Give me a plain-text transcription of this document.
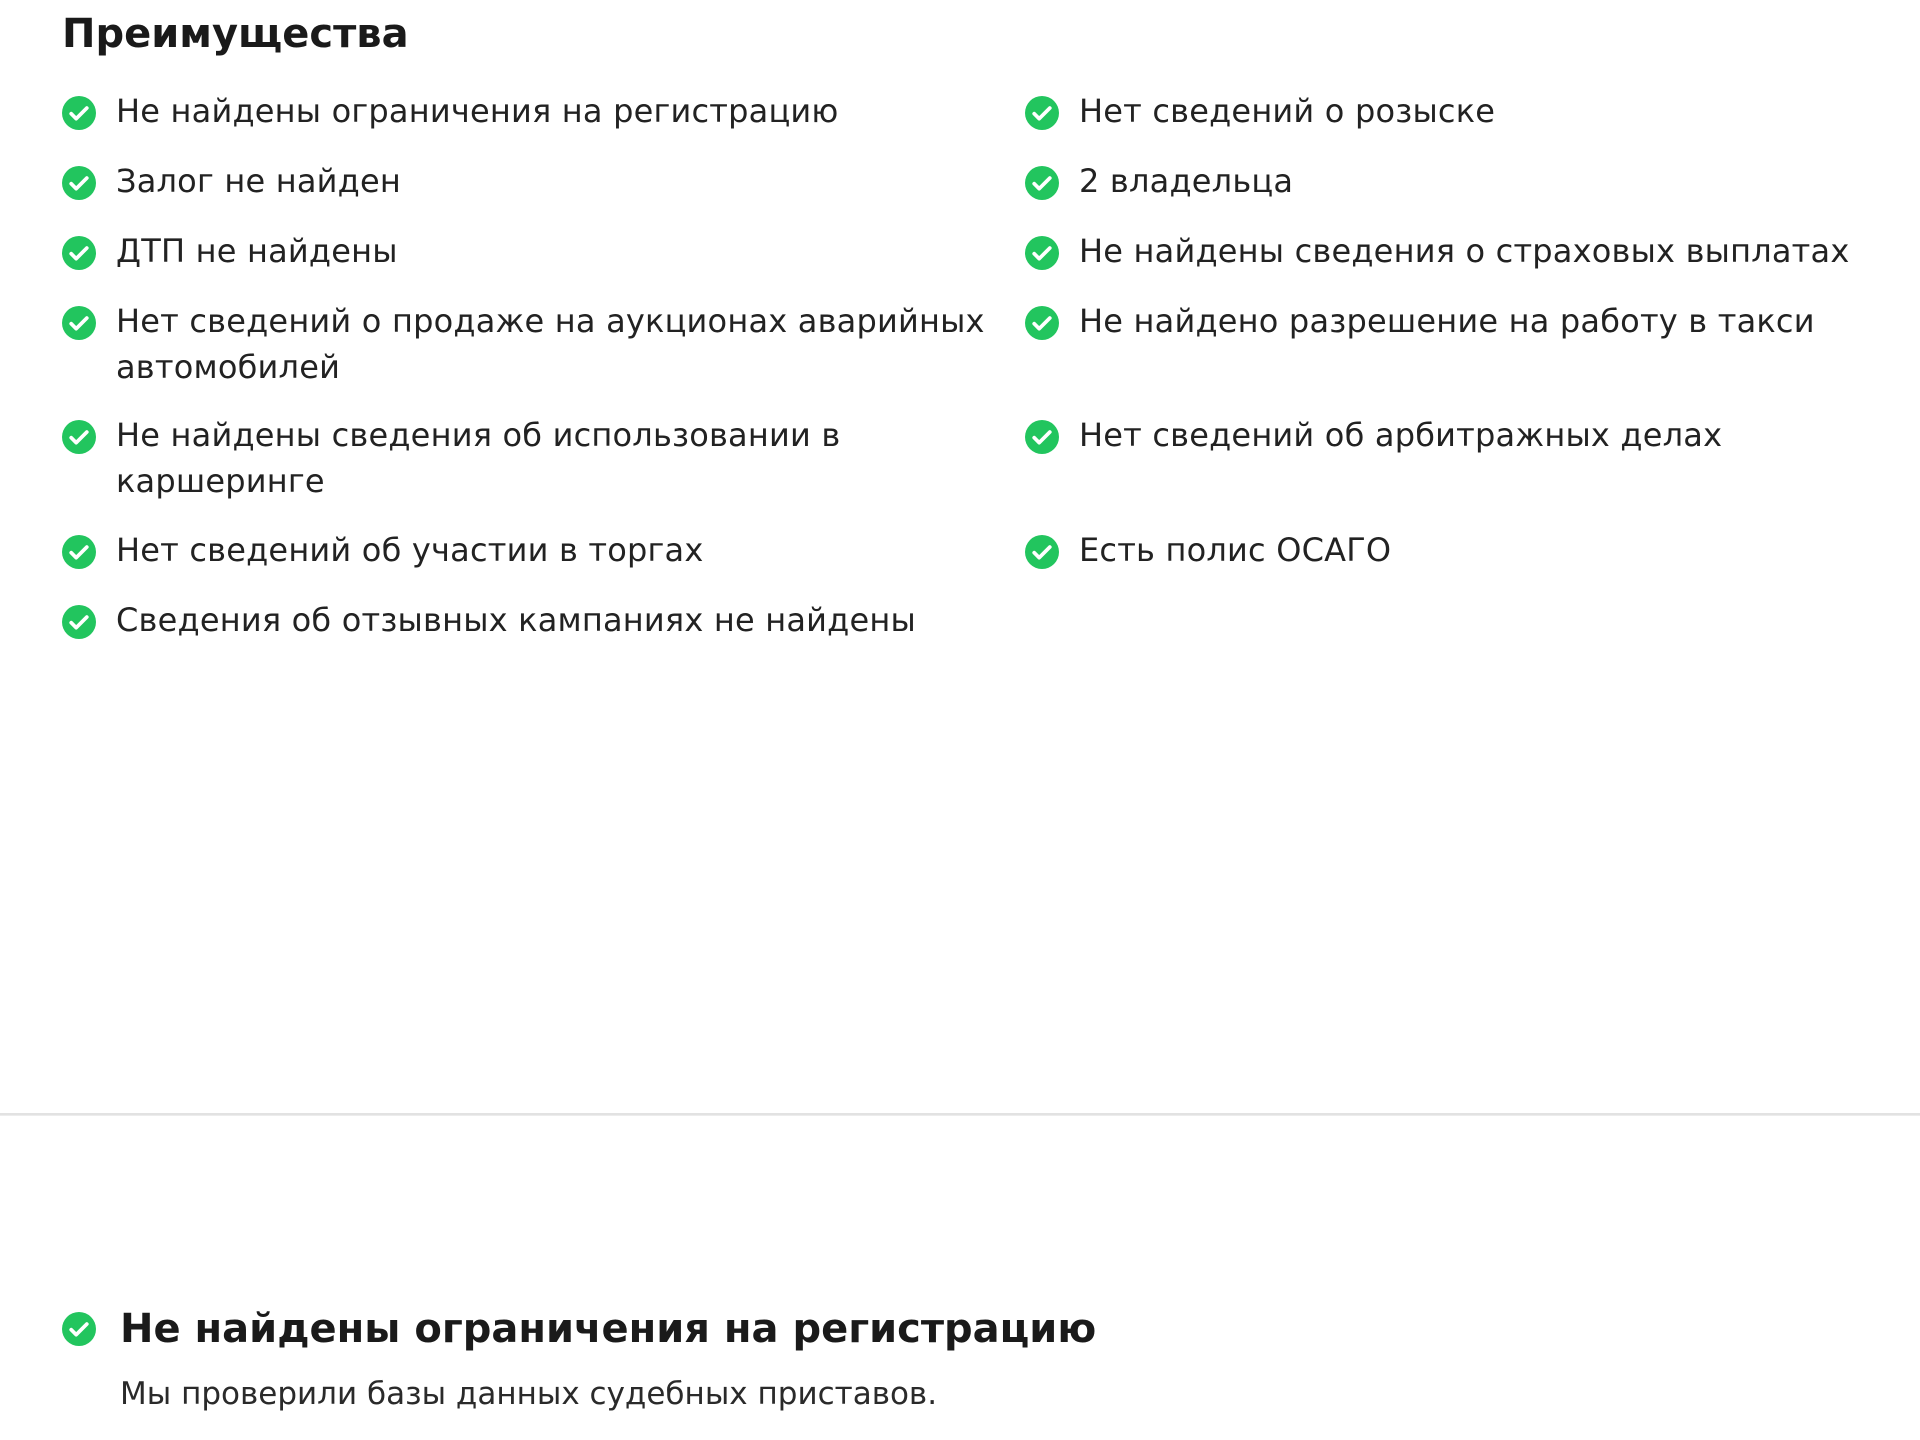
Преимущества
Не найдены ограничения на регистрацию
Залог не найден
ДТП не найдены
Нет сведений о продаже на аукционах аварийных автомобилей
Не найдены сведения об использовании в каршеринге
Нет сведений об участии в торгах
Сведения об отзывных кампаниях не найдены
Нет сведений о розыске
2 владельца
Не найдены сведения о страховых выплатах
Не найдено разрешение на работу в такси
Нет сведений об арбитражных делах
Есть полис ОСАГО
Не найдены ограничения на регистрацию

Мы проверили базы данных судебных приставов.
